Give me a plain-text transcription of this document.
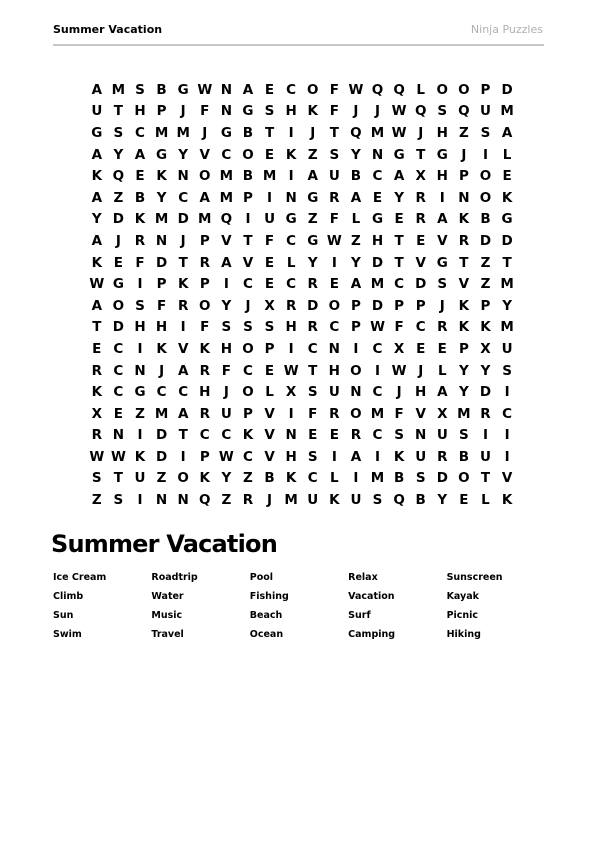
Summer Vacation	Ninja Puzzles
A M S B G W N A E C O F W Q Q L O O P D
U T H P	J	F N G S H K F	J	J W Q S Q U M
G S C M M J	G B T	I	J	T Q M W J H Z S A
A Y A G Y V C O E K Z S Y N G T G	J	I	L
K Q E K N O M B M I	A U B C A X H P O E
A Z B Y C A M P	I N G R A E Y R	I N O K
Y D K M D M Q I	U G Z F L G E R A K B G
A	J	R N J	P V T F C G W Z H T E V R D D
K E F D T R A V E L Y	I	Y D T V G T Z T
W G	I	P K P	I	C E C R E A M C D S V Z M
A O S F R O Y	J	X R D O P D P P	J	K P Y
T D H H I	F S S S H R C P W F C R K K M
E C	I	K V K H O P	I	C N I	C X E E P X U
R C N J	A R F C E W T H O I W J	L Y Y S
K C G C C H J O L X S U N C	J H A Y D I
X E Z M A R U P V	I	F R O M F V X M R C
R N I D T C C K V N E E R C S N U S	I	I
W W K D I	P W C V H S	I	A	I	K U R B U	I
S T U Z O K Y Z B K C L	I M B S D O T V
Z S	I N N Q Z R	J M U K U S Q B Y E L K
Summer Vacation
Ice Cream	Roadtrip	Pool	Relax	Sunscreen
Climb	Water	Fishing	Vacation	Kayak
Sun	Music	Beach	Surf	Picnic
Swim	Travel	Ocean	Camping	Hiking
